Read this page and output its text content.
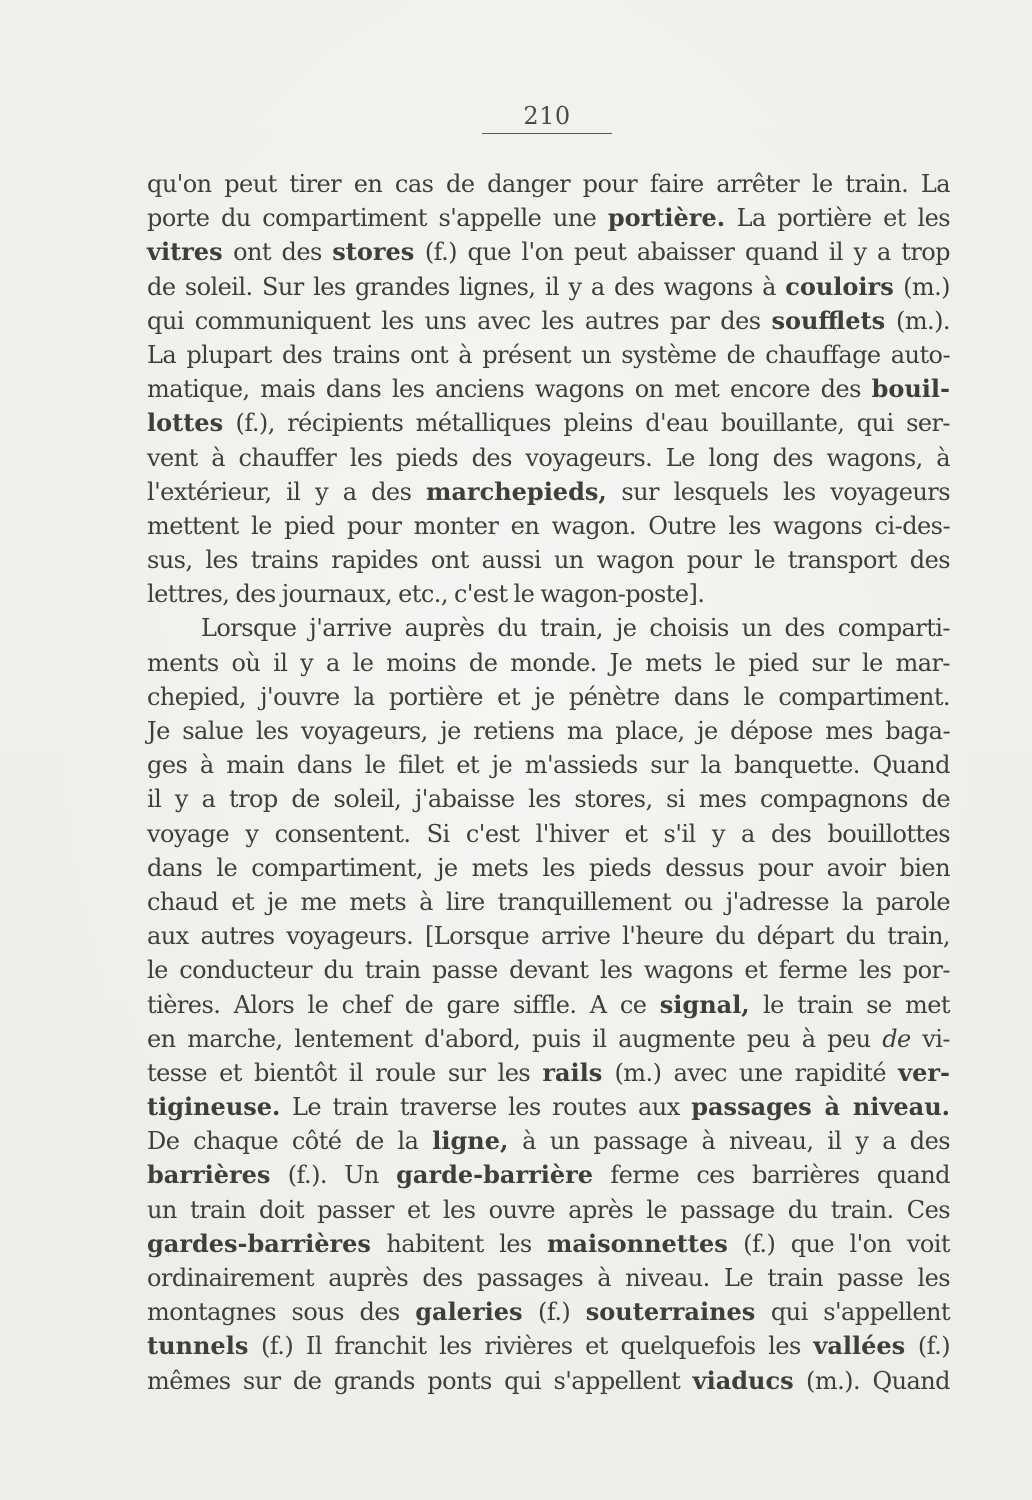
210
qu'on peut tirer en cas de danger pour faire arrêter le train. La
porte du compartiment s'appelle une portière. La portière et les
vitres ont des stores (f.) que l'on peut abaisser quand il y a trop
de soleil. Sur les grandes lignes, il y a des wagons à couloirs (m.)
qui communiquent les uns avec les autres par des soufflets (m.).
La plupart des trains ont à présent un système de chauffage auto-
matique, mais dans les anciens wagons on met encore des bouil-
lottes (f.), récipients métalliques pleins d'eau bouillante, qui ser-
vent à chauffer les pieds des voyageurs. Le long des wagons, à
l'extérieur, il y a des marchepieds, sur lesquels les voyageurs
mettent le pied pour monter en wagon. Outre les wagons ci-des-
sus, les trains rapides ont aussi un wagon pour le transport des
lettres, des journaux, etc., c'est le wagon-poste].
Lorsque j'arrive auprès du train, je choisis un des comparti-
ments où il y a le moins de monde. Je mets le pied sur le mar-
chepied, j'ouvre la portière et je pénètre dans le compartiment.
Je salue les voyageurs, je retiens ma place, je dépose mes baga-
ges à main dans le filet et je m'assieds sur la banquette. Quand
il y a trop de soleil, j'abaisse les stores, si mes compagnons de
voyage y consentent. Si c'est l'hiver et s'il y a des bouillottes
dans le compartiment, je mets les pieds dessus pour avoir bien
chaud et je me mets à lire tranquillement ou j'adresse la parole
aux autres voyageurs. [Lorsque arrive l'heure du départ du train,
le conducteur du train passe devant les wagons et ferme les por-
tières. Alors le chef de gare siffle. A ce signal, le train se met
en marche, lentement d'abord, puis il augmente peu à peu de vi-
tesse et bientôt il roule sur les rails (m.) avec une rapidité ver-
tigineuse. Le train traverse les routes aux passages à niveau.
De chaque côté de la ligne, à un passage à niveau, il y a des
barrières (f.). Un garde-barrière ferme ces barrières quand
un train doit passer et les ouvre après le passage du train. Ces
gardes-barrières habitent les maisonnettes (f.) que l'on voit
ordinairement auprès des passages à niveau. Le train passe les
montagnes sous des galeries (f.) souterraines qui s'appellent
tunnels (f.) Il franchit les rivières et quelquefois les vallées (f.)
mêmes sur de grands ponts qui s'appellent viaducs (m.). Quand
